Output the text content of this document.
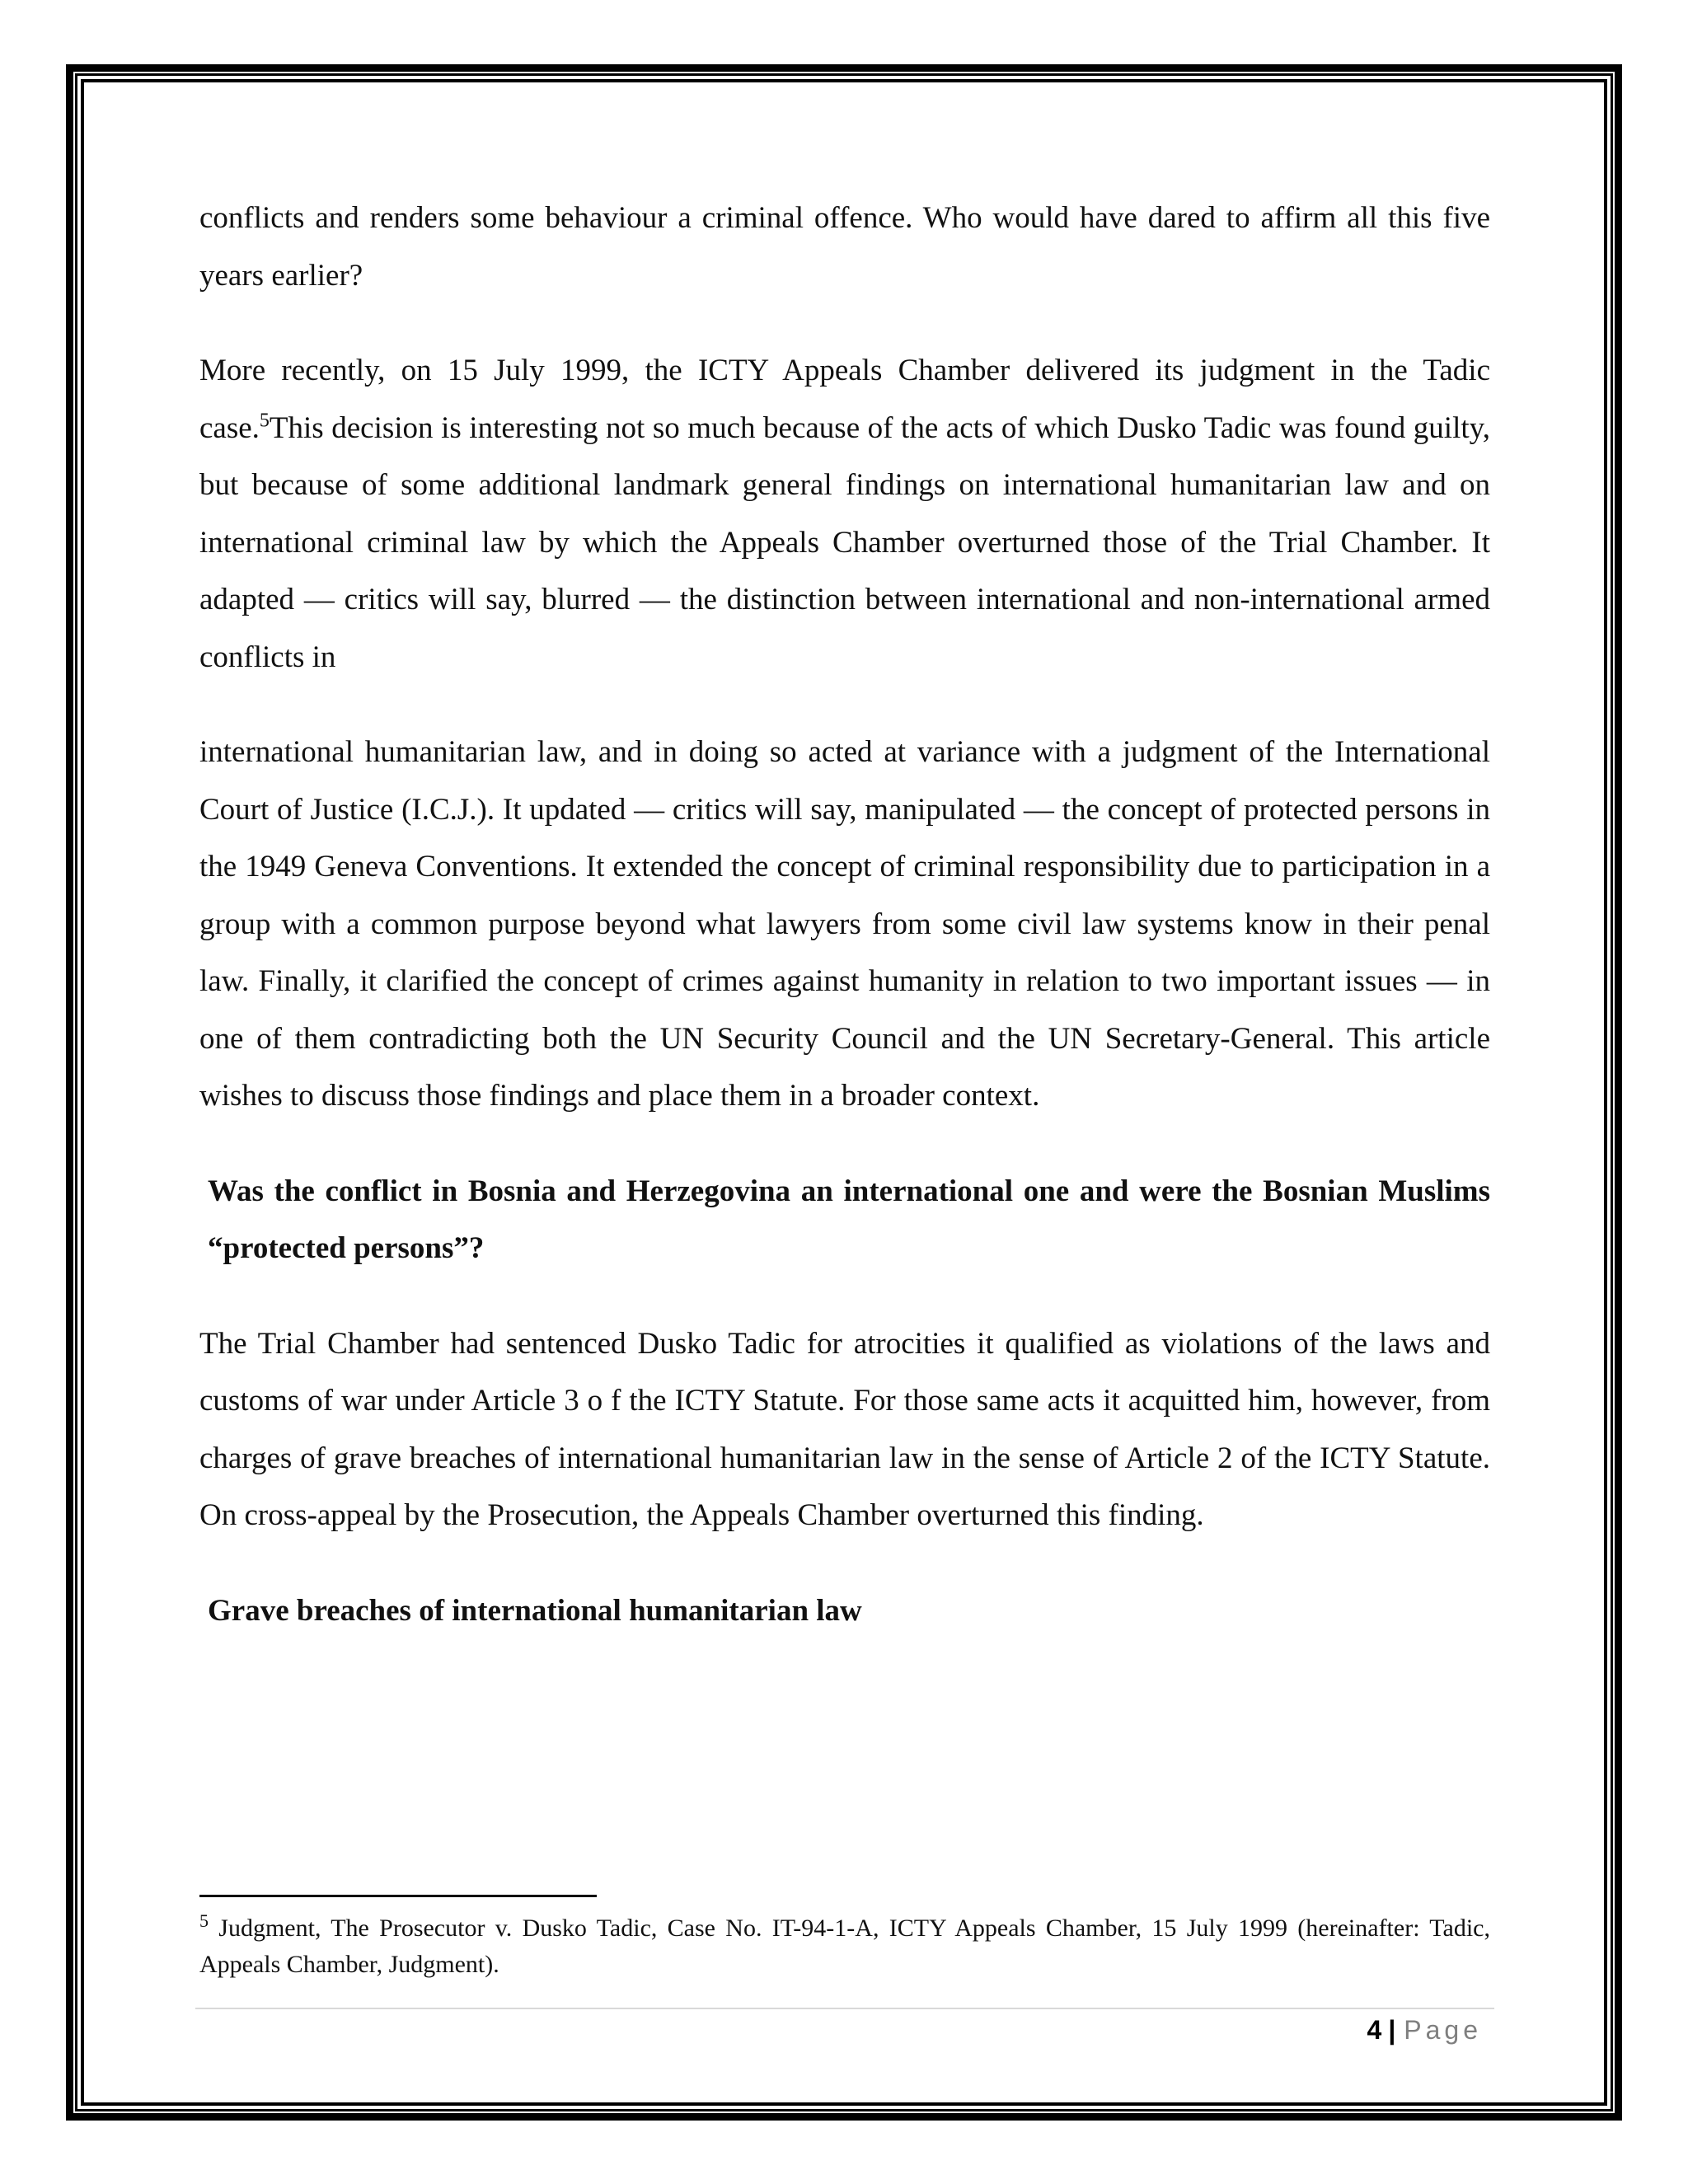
conflicts and renders some behaviour a criminal offence. Who would have dared to affirm all this five years earlier?

More recently, on 15 July 1999, the ICTY Appeals Chamber delivered its judgment in the Tadic case.$^5$This decision is interesting not so much because of the acts of which Dusko Tadic was found guilty, but because of some additional landmark general findings on international humanitarian law and on international criminal law by which the Appeals Chamber overturned those of the Trial Chamber. It adapted — critics will say, blurred — the distinction between international and non-international armed conflicts in

international humanitarian law, and in doing so acted at variance with a judgment of the International Court of Justice (I.C.J.). It updated — critics will say, manipulated — the concept of protected persons in the 1949 Geneva Conventions. It extended the concept of criminal responsibility due to participation in a group with a common purpose beyond what lawyers from some civil law systems know in their penal law. Finally, it clarified the concept of crimes against humanity in relation to two important issues — in one of them contradicting both the UN Security Council and the UN Secretary-General. This article wishes to discuss those findings and place them in a broader context.

Was the conflict in Bosnia and Herzegovina an international one and were the Bosnian Muslims “protected persons”?

The Trial Chamber had sentenced Dusko Tadic for atrocities it qualified as violations of the laws and customs of war under Article 3 o f the ICTY Statute. For those same acts it acquitted him, however, from charges of grave breaches of international humanitarian law in the sense of Article 2 of the ICTY Statute. On cross-appeal by the Prosecution, the Appeals Chamber overturned this finding.

Grave breaches of international humanitarian law

$^5$ Judgment, The Prosecutor v. Dusko Tadic, Case No. IT-94-1-A, ICTY Appeals Chamber, 15 July 1999 (hereinafter: Tadic, Appeals Chamber, Judgment).
4 | Page
